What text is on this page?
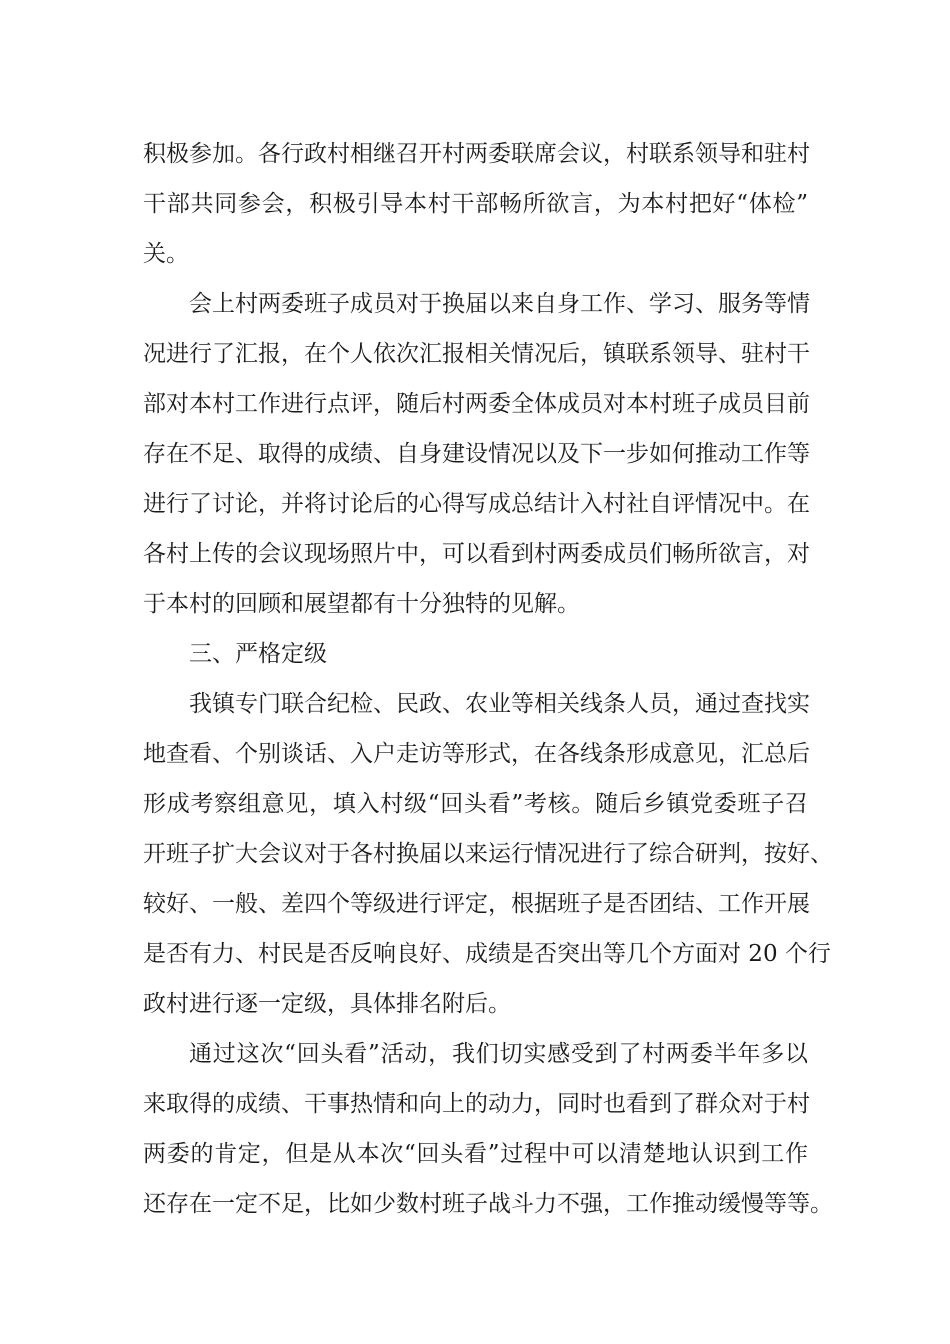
积极参加。各行政村相继召开村两委联席会议，村联系领导和驻村
干部共同参会，积极引导本村干部畅所欲言，为本村把好“体检”
关。
会上村两委班子成员对于换届以来自身工作、学习、服务等情
况进行了汇报，在个人依次汇报相关情况后，镇联系领导、驻村干
部对本村工作进行点评，随后村两委全体成员对本村班子成员目前
存在不足、取得的成绩、自身建设情况以及下一步如何推动工作等
进行了讨论，并将讨论后的心得写成总结计入村社自评情况中。在
各村上传的会议现场照片中，可以看到村两委成员们畅所欲言，对
于本村的回顾和展望都有十分独特的见解。
三、严格定级
我镇专门联合纪检、民政、农业等相关线条人员，通过查找实
地查看、个别谈话、入户走访等形式，在各线条形成意见，汇总后
形成考察组意见，填入村级“回头看”考核。随后乡镇党委班子召
开班子扩大会议对于各村换届以来运行情况进行了综合研判，按好、
较好、一般、差四个等级进行评定，根据班子是否团结、工作开展
是否有力、村民是否反响良好、成绩是否突出等几个方面对 20 个行
政村进行逐一定级，具体排名附后。
通过这次“回头看”活动，我们切实感受到了村两委半年多以
来取得的成绩、干事热情和向上的动力，同时也看到了群众对于村
两委的肯定，但是从本次“回头看”过程中可以清楚地认识到工作
还存在一定不足，比如少数村班子战斗力不强，工作推动缓慢等等。
